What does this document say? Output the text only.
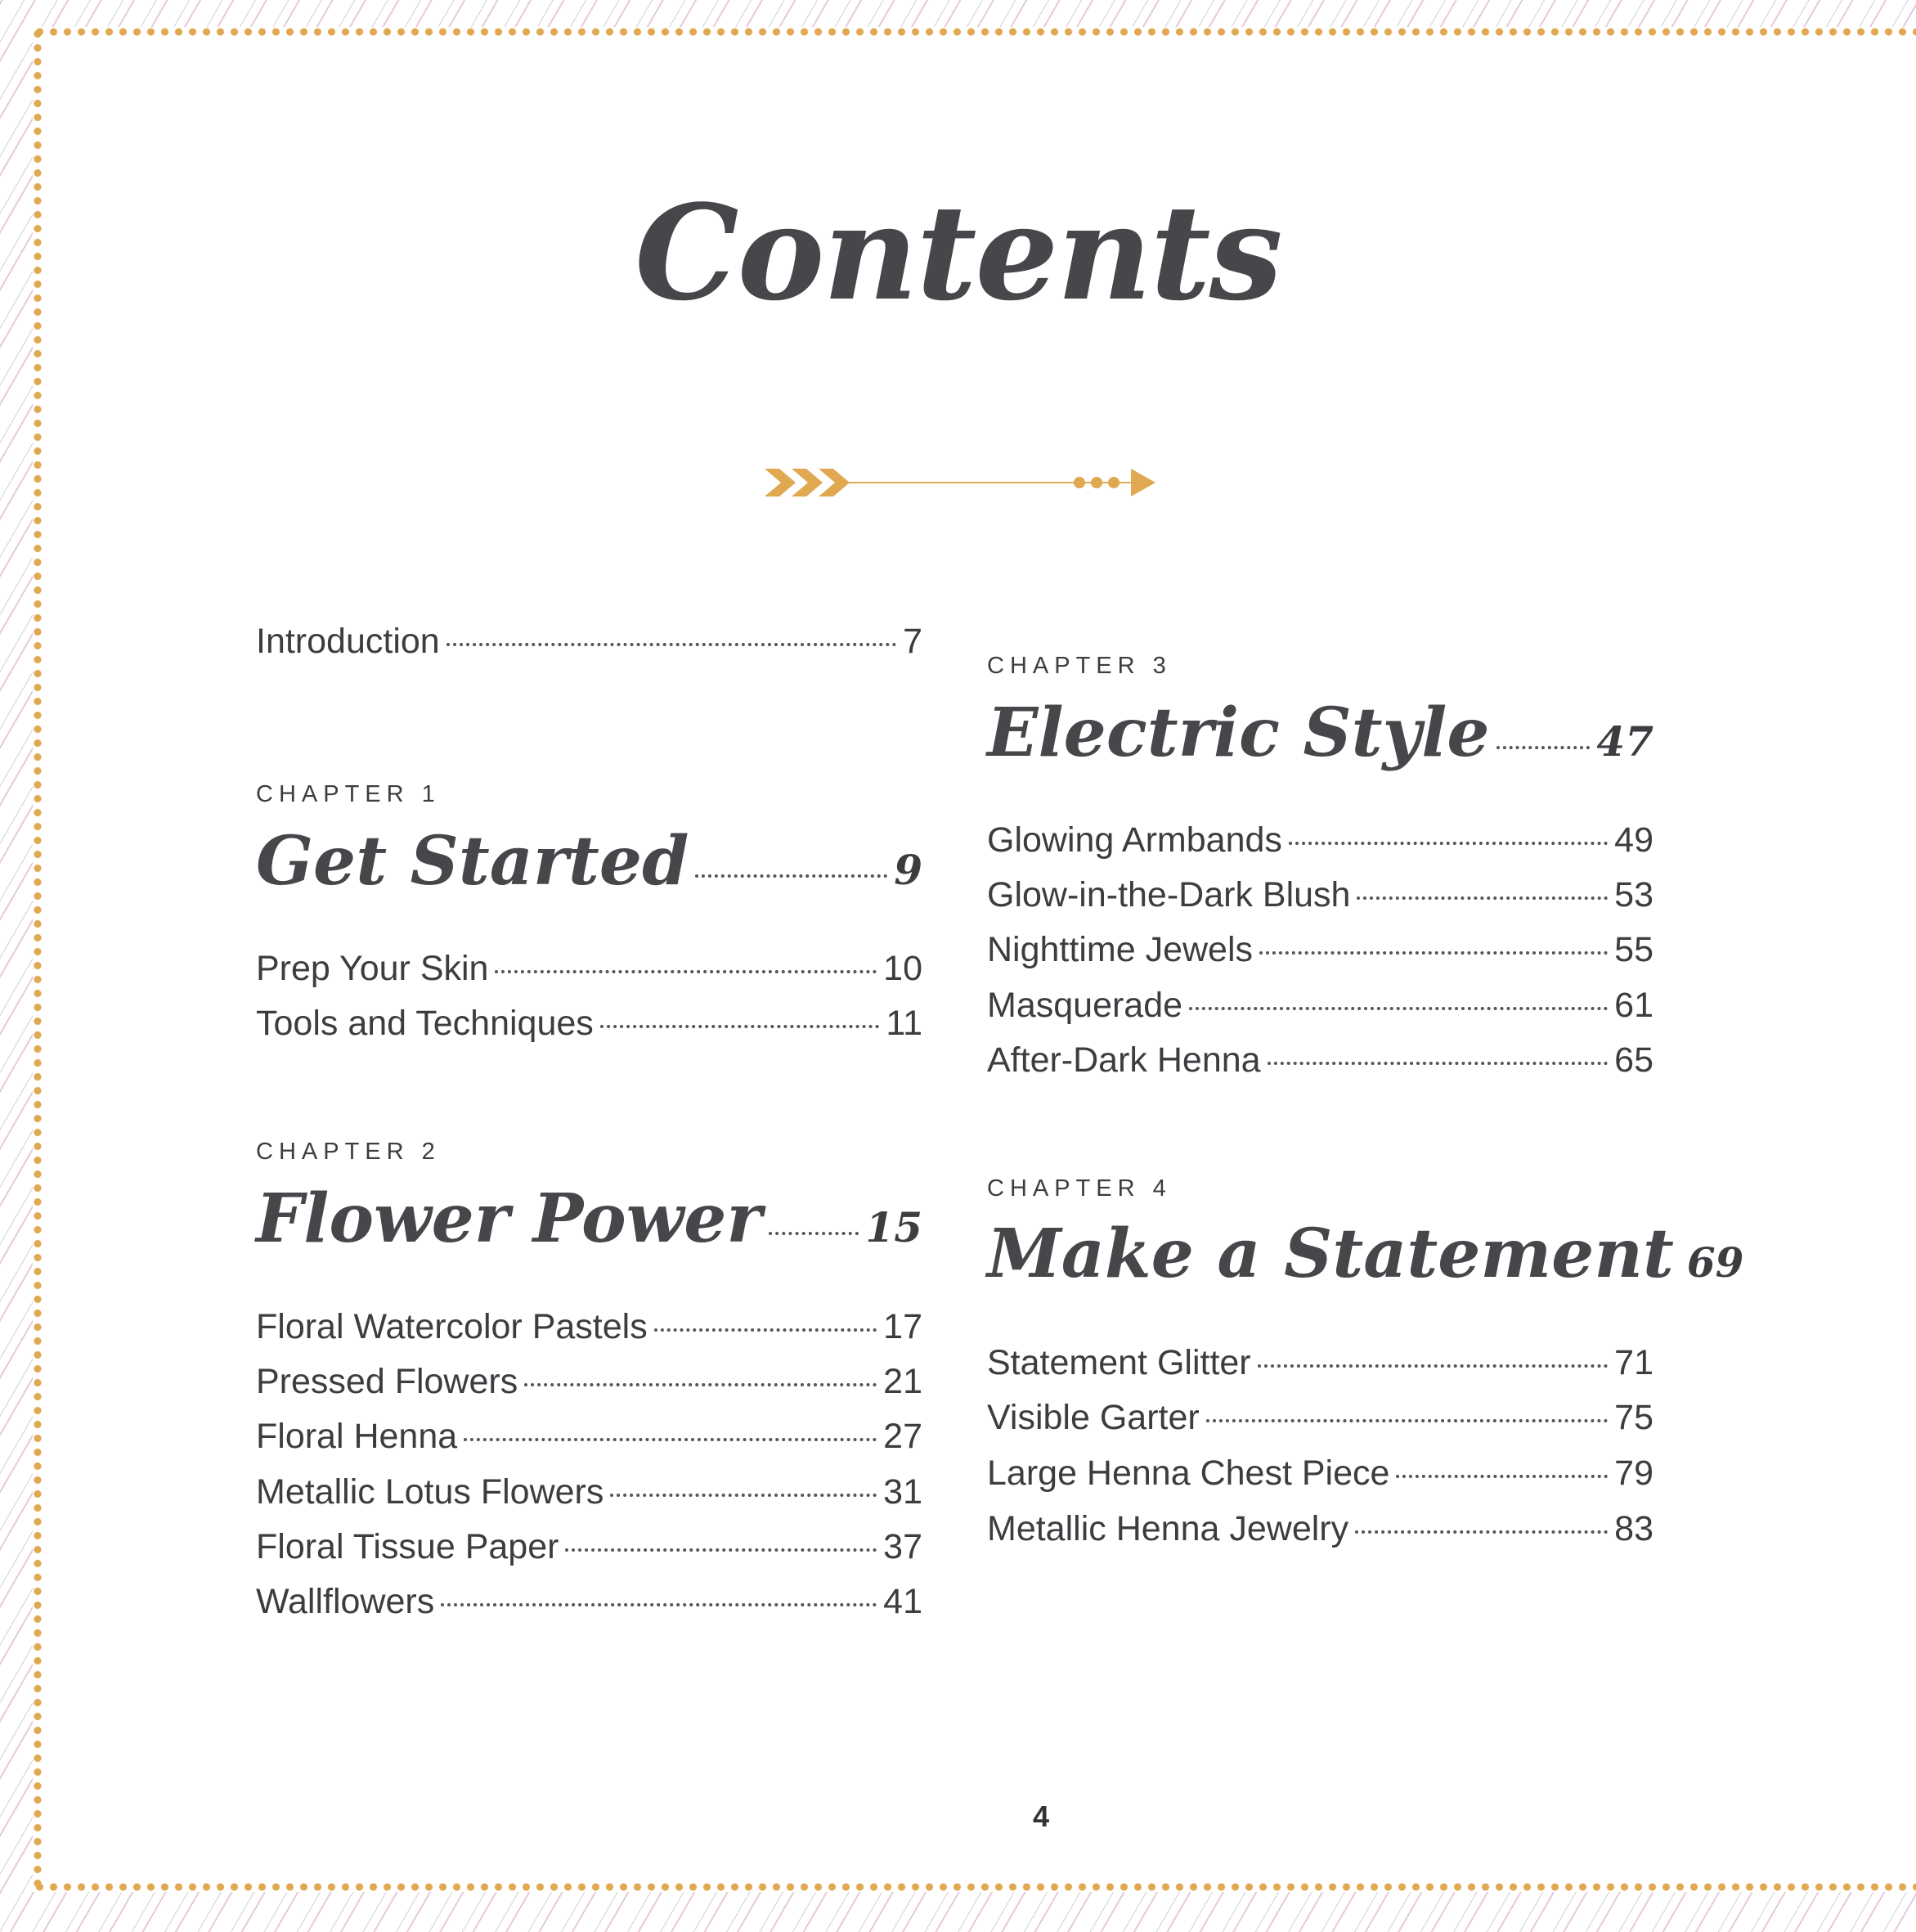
Contents
Introduction	7
CHAPTER 1
Get Started	9
Prep Your Skin	10
Tools and Techniques	11
CHAPTER 2
Flower Power	15
Floral Watercolor Pastels	17
Pressed Flowers	21
Floral Henna	27
Metallic Lotus Flowers	31
Floral Tissue Paper	37
Wallflowers	41
CHAPTER 3
Electric Style	47
Glowing Armbands	49
Glow-in-the-Dark Blush	53
Nighttime Jewels	55
Masquerade	61
After-Dark Henna	65
CHAPTER 4
Make a Statement 69
Statement Glitter	71
Visible Garter	75
Large Henna Chest Piece	79
Metallic Henna Jewelry	83
4
